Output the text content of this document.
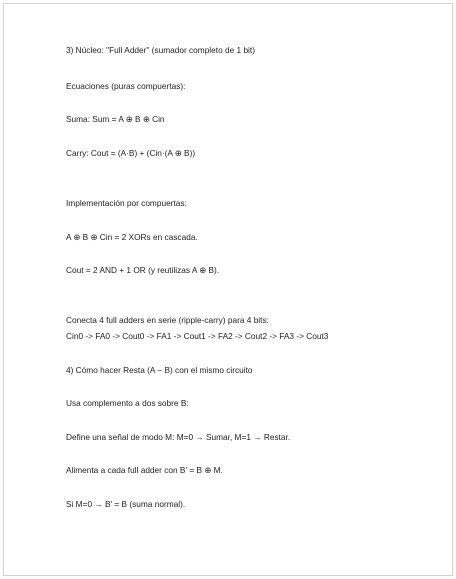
3) Núcleo: "Full Adder" (sumador completo de 1 bit)
Ecuaciones (puras compuertas):
Suma: Sum = A ⊕ B ⊕ Cin
Carry: Cout = (A·B) + (Cin·(A ⊕ B))
Implementación por compuertas:
A ⊕ B ⊕ Cin = 2 XORs en cascada.
Cout = 2 AND + 1 OR (y reutilizas A ⊕ B).
Conecta 4 full adders en serie (ripple-carry) para 4 bits:
Cin0 -> FA0 -> Cout0 -> FA1 -> Cout1 -> FA2 -> Cout2 -> FA3 -> Cout3
4) Cómo hacer Resta (A − B) con el mismo circuito
Usa complemento a dos sobre B:
Define una señal de modo M: M=0 → Sumar, M=1 → Restar.
Alimenta a cada full adder con B' = B ⊕ M.
Si M=0 → B' = B (suma normal).
